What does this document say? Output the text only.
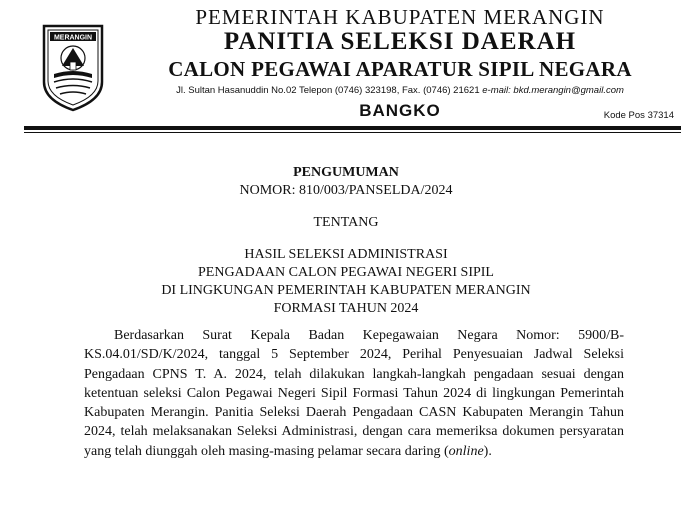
MERANGIN
PEMERINTAH KABUPATEN MERANGIN
PANITIA SELEKSI DAERAH
CALON PEGAWAI APARATUR SIPIL NEGARA
Jl. Sultan Hasanuddin No.02 Telepon (0746) 323198, Fax. (0746) 21621 e-mail: bkd.merangin@gmail.com
BANGKO	Kode Pos 37314
PENGUMUMAN
NOMOR: 810/003/PANSELDA/2024
TENTANG
HASIL SELEKSI ADMINISTRASI
PENGADAAN CALON PEGAWAI NEGERI SIPIL
DI LINGKUNGAN PEMERINTAH KABUPATEN MERANGIN
FORMASI TAHUN 2024
Berdasarkan Surat Kepala Badan Kepegawaian Negara Nomor: 5900/B-KS.04.01/SD/K/2024, tanggal 5 September 2024, Perihal Penyesuaian Jadwal Seleksi Pengadaan CPNS T. A. 2024, telah dilakukan langkah-langkah pengadaan sesuai dengan ketentuan seleksi Calon Pegawai Negeri Sipil Formasi Tahun 2024 di lingkungan Pemerintah Kabupaten Merangin. Panitia Seleksi Daerah Pengadaan CASN Kabupaten Merangin Tahun 2024, telah melaksanakan Seleksi Administrasi, dengan cara memeriksa dokumen persyaratan yang telah diunggah oleh masing-masing pelamar secara daring (online).
